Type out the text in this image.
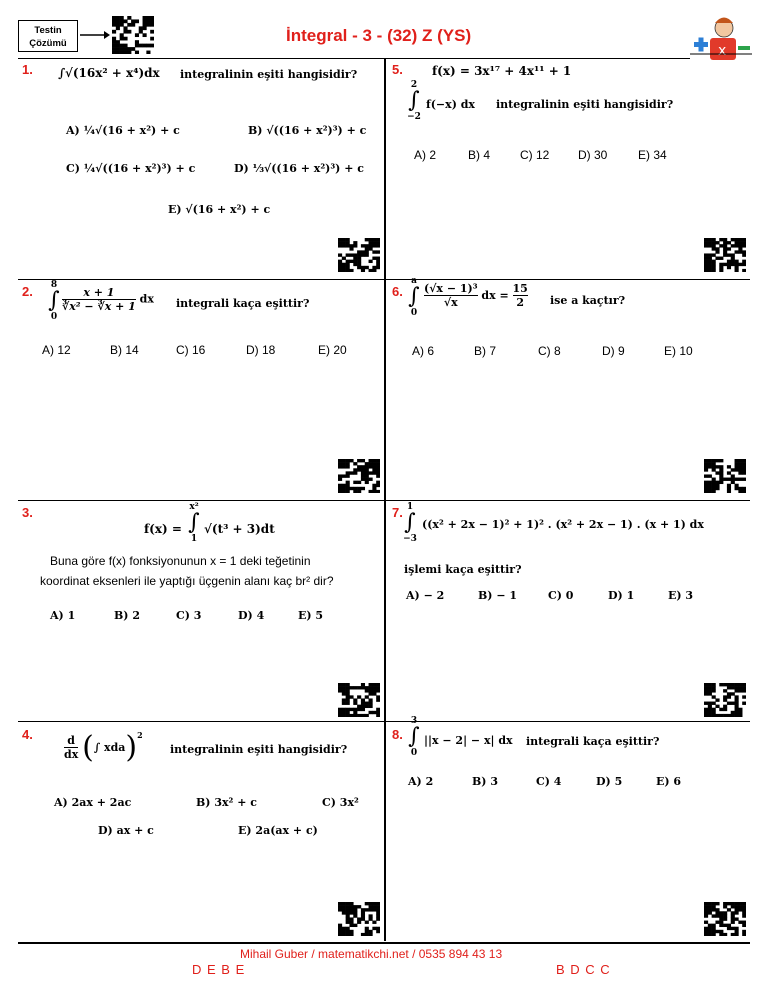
Testin Çözümü	İntegral - 3 - (32) Z (YS)
x
1. ∫√(16x² + x⁴)dx integralinin eşiti hangisidir?
A) ¼√(16 + x²) + c	B) √((16 + x²)³) + c
C) ¼√((16 + x²)³) + c	D) ⅓√((16 + x²)³) + c
E) √(16 + x²) + c
2.	8
∫
0
$\frac{x + 1}{\text{∛x² − ∛x + 1}}$ dx integrali kaça eşittir?
A) 12	B) 14	C) 16	D) 18	E) 20
3.
f(x) =
x²
∫
1
√(t³ + 3)dt
Buna göre f(x) fonksiyonunun x = 1 deki teğetinin
koordinat eksenleri ile yaptığı üçgenin alanı kaç br² dir?
A) 1	B) 2	C) 3	D) 4	E) 5
4.	$\frac{d}{dx}$ (∫ xda)$^2$
integralinin eşiti hangisidir?
A) 2ax + 2ac	B) 3x² + c	C) 3x²
D) ax + c	E) 2a(ax + c)
5. f(x) = 3x¹⁷ + 4x¹¹ + 1
2
∫
−2
f(−x) dx integralinin eşiti hangisidir?
A) 2	B) 4 C) 12 D) 30	E) 34
6.
a
∫
0
$\frac{\text{(√x − 1)³}}{√x}$ dx = $\frac{15}{2}$ ise a kaçtır?
A) 6	B) 7	C) 8	D) 9	E) 10
7. 1
∫
−3
((x² + 2x − 1)² + 1)² . (x² + 2x − 1) . (x + 1) dx
işlemi kaça eşittir?
A) − 2	B) − 1	C) 0	D) 1	E) 3
8.
3
∫
0
||x − 2| − x| dx integrali kaça eşittir?
A) 2	B) 3	C) 4	D) 5	E) 6
Mihail Guber / matematikchi.net / 0535 894 43 13
D E B E	B D C C
